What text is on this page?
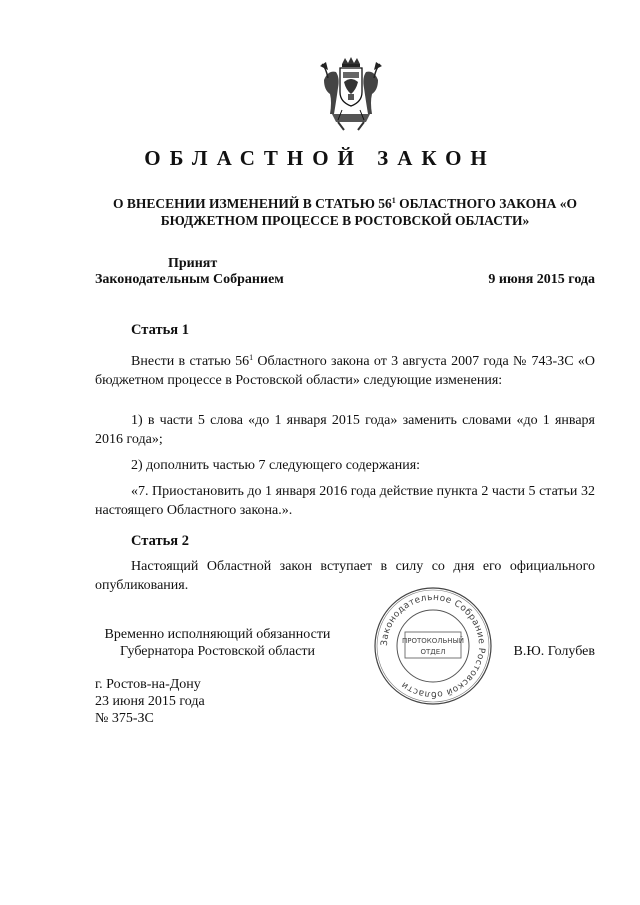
ОБЛАСТНОЙ ЗАКОН
О ВНЕСЕНИИ ИЗМЕНЕНИЙ В СТАТЬЮ $56^1$ ОБЛАСТНОГО ЗАКОНА «О БЮДЖЕТНОМ ПРОЦЕССЕ В РОСТОВСКОЙ ОБЛАСТИ»
Принят
Законодательным Собранием	9 июня 2015 года
Статья 1
Внести в статью $56^1$ Областного закона от 3 августа 2007 года № 743-ЗС «О бюджетном процессе в Ростовской области» следующие изменения:
1) в части 5 слова «до 1 января 2015 года» заменить словами «до 1 января 2016 года»;
2) дополнить частью 7 следующего содержания:
«7. Приостановить до 1 января 2016 года действие пункта 2 части 5 статьи 32 настоящего Областного закона.».
Статья 2
Настоящий Областной закон вступает в силу со дня его официального опубликования.
Временно исполняющий обязанности
Губернатора Ростовской области
Законодательное Собрание Ростовской области
ПРОТОКОЛЬНЫЙ
ОТДЕЛ	В.Ю. Голубев
г. Ростов-на-Дону
23 июня 2015 года
№ 375-ЗС
